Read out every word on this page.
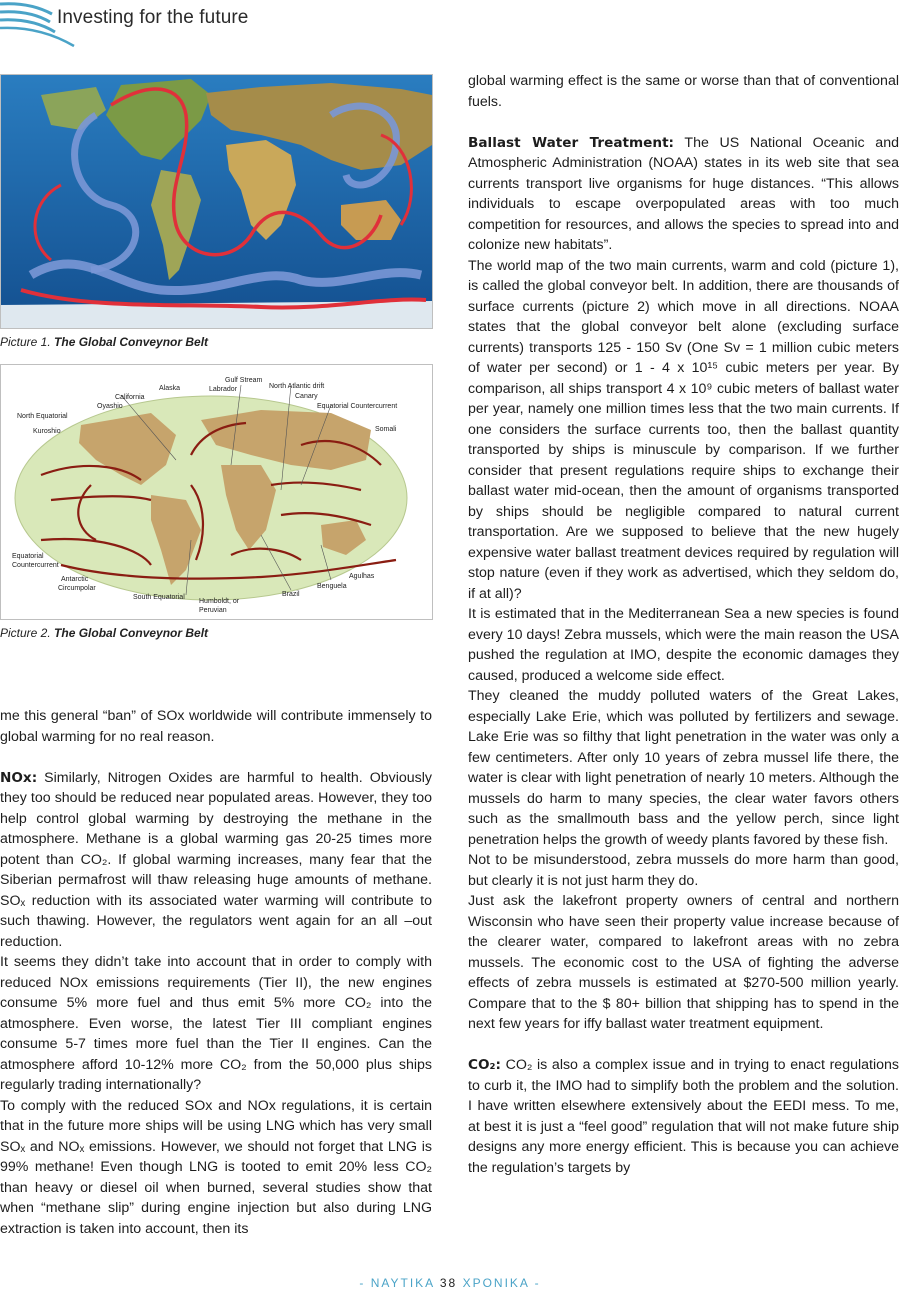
Investing for the future
Picture 1. The Global Conveynor Belt
Alaska
Gulf Stream
Labrador
California
Oyashio
North Atlantic drift
Canary
Equatorial Countercurrent
North Equatorial
Kuroshio	Somali
Equatorial
Countercurrent
Antarctic
Circumpolar
South Equatorial
Humboldt, or
Peruvian
Brazil
Benguela
Agulhas
Picture 2. The Global Conveynor Belt

me this general “ban” of SOx worldwide will contribute immensely to global warming for no real reason.

NOx: Similarly, Nitrogen Oxides are harmful to health. Obviously they too should be reduced near populated areas. However, they too help control global warming by destroying the methane in the atmosphere. Methane is a global warming gas 20-25 times more potent than CO₂. If global warming increases, many fear that the Siberian permafrost will thaw releasing huge amounts of methane. SOₓ reduction with its associated water warming will contribute to such thawing. However, the regulators went again for an all –out reduction.

It seems they didn’t take into account that in order to comply with reduced NOx emissions requirements (Tier II), the new engines consume 5% more fuel and thus emit 5% more CO₂ into the atmosphere. Even worse, the latest Tier III compliant engines consume 5-7 times more fuel than the Tier II engines. Can the atmosphere afford 10-12% more CO₂ from the 50,000 plus ships regularly trading internationally?

To comply with the reduced SOx and NOx regulations, it is certain that in the future more ships will be using LNG which has very small SOₓ and NOₓ emissions. However, we should not forget that LNG is 99% methane! Even though LNG is tooted to emit 20% less CO₂ than heavy or diesel oil when burned, several studies show that when “methane slip” during engine injection but also during LNG extraction is taken into account, then its

global warming effect is the same or worse than that of conventional fuels.

Ballast Water Treatment: The US National Oceanic and Atmospheric Administration (NOAA) states in its web site that sea currents transport live organisms for huge distances. “This allows individuals to escape overpopulated areas with too much competition for resources, and allows the species to spread into and colonize new habitats”.

The world map of the two main currents, warm and cold (picture 1), is called the global conveyor belt. In addition, there are thousands of surface currents (picture 2) which move in all directions. NOAA states that the global conveyor belt alone (excluding surface currents) transports 125 - 150 Sv (One Sv = 1 million cubic meters of water per second) or 1 - 4 x 10¹⁵ cubic meters per year. By comparison, all ships transport 4 x 10⁹ cubic meters of ballast water per year, namely one million times less that the two main currents. If one considers the surface currents too, then the ballast quantity transported by ships is minuscule by comparison. If we further consider that present regulations require ships to exchange their ballast water mid-ocean, then the amount of organisms transported by ships should be negligible compared to natural current transportation. Are we supposed to believe that the new hugely expensive water ballast treatment devices required by regulation will stop nature (even if they work as advertised, which they seldom do, if at all)?

It is estimated that in the Mediterranean Sea a new species is found every 10 days! Zebra mussels, which were the main reason the USA pushed the regulation at IMO, despite the economic damages they caused, produced a welcome side effect.

They cleaned the muddy polluted waters of the Great Lakes, especially Lake Erie, which was polluted by fertilizers and sewage. Lake Erie was so filthy that light penetration in the water was only a few centimeters. After only 10 years of zebra mussel life there, the water is clear with light penetration of nearly 10 meters. Although the mussels do harm to many species, the clear water favors others such as the smallmouth bass and the yellow perch, since light penetration helps the growth of weedy plants favored by these fish.

Not to be misunderstood, zebra mussels do more harm than good, but clearly it is not just harm they do.

Just ask the lakefront property owners of central and northern Wisconsin who have seen their property value increase because of the clearer water, compared to lakefront areas with no zebra mussels. The economic cost to the USA of fighting the adverse effects of zebra mussels is estimated at $270-500 million yearly. Compare that to the $ 80+ billion that shipping has to spend in the next few years for iffy ballast water treatment equipment.

CO₂: CO₂ is also a complex issue and in trying to enact regulations to curb it, the IMO had to simplify both the problem and the solution. I have written elsewhere extensively about the EEDI mess. To me, at best it is just a “feel good” regulation that will not make future ship designs any more energy efficient. This is because you can achieve the regulation’s targets by

- ΝΑΥΤΙΚΑ 38 ΧΡΟΝΙΚΑ -
